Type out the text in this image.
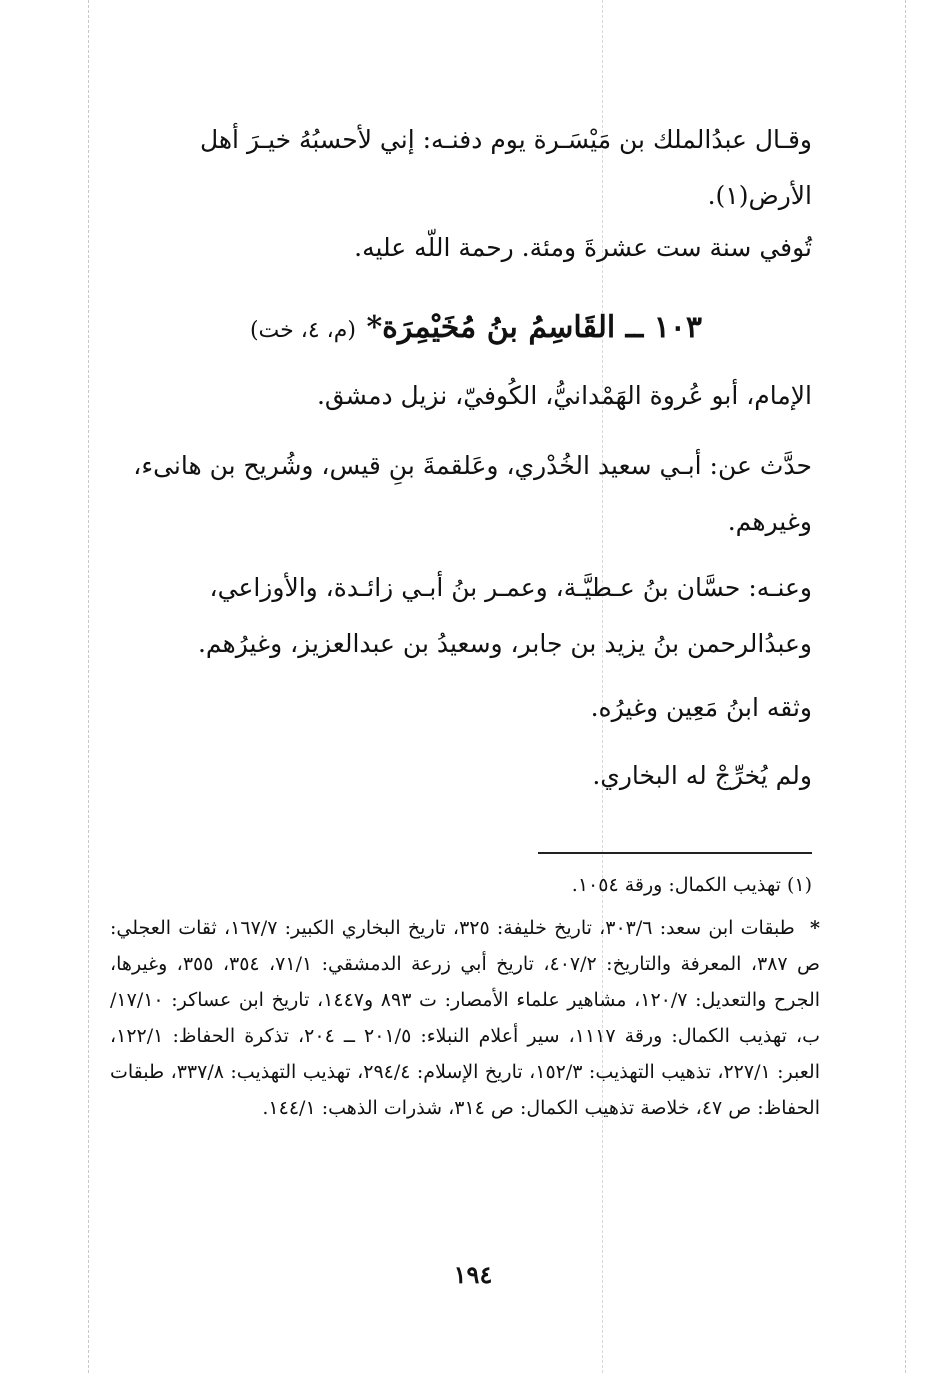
وقـال عبدُالملك بن مَيْسَـرة يوم دفنـه: إني لأحسبُهُ خيـرَ أهل الأرض(١).
تُوفي سنة ست عشرةَ ومئة. رحمة اللّه عليه.
١٠٣ ــ القَاسِمُ بنُ مُخَيْمِرَة* (م، ٤، خت)
الإمام، أبو عُروة الهَمْدانيُّ، الكُوفيّ، نزيل دمشق.
حدَّث عن: أبـي سعيد الخُدْري، وعَلقمةَ بنِ قيس، وشُريح بن هانىء، وغيرهم.
وعنـه: حسَّان بنُ عـطيَّـة، وعمـر بنُ أبـي زائـدة، والأوزاعي، وعبدُالرحمن بنُ يزيد بن جابر، وسعيدُ بن عبدالعزيز، وغيرُهم.
وثقه ابنُ مَعِين وغيرُه.
ولم يُخرِّجْ له البخاري.
(١) تهذيب الكمال: ورقة ١٠٥٤.
* طبقات ابن سعد: ٣٠٣/٦، تاريخ خليفة: ٣٢٥، تاريخ البخاري الكبير: ١٦٧/٧، ثقات العجلي: ص ٣٨٧، المعرفة والتاريخ: ٤٠٧/٢، تاريخ أبي زرعة الدمشقي: ٧١/١، ٣٥٤، ٣٥٥، وغيرها، الجرح والتعديل: ١٢٠/٧، مشاهير علماء الأمصار: ت ٨٩٣ و١٤٤٧، تاريخ ابن عساكر: ١٧/١٠/ب، تهذيب الكمال: ورقة ١١١٧، سير أعلام النبلاء: ٢٠١/٥ ــ ٢٠٤، تذكرة الحفاظ: ١٢٢/١، العبر: ٢٢٧/١، تذهيب التهذيب: ١٥٢/٣، تاريخ الإسلام: ٢٩٤/٤، تهذيب التهذيب: ٣٣٧/٨، طبقات الحفاظ: ص ٤٧، خلاصة تذهيب الكمال: ص ٣١٤، شذرات الذهب: ١٤٤/١.
١٩٤
